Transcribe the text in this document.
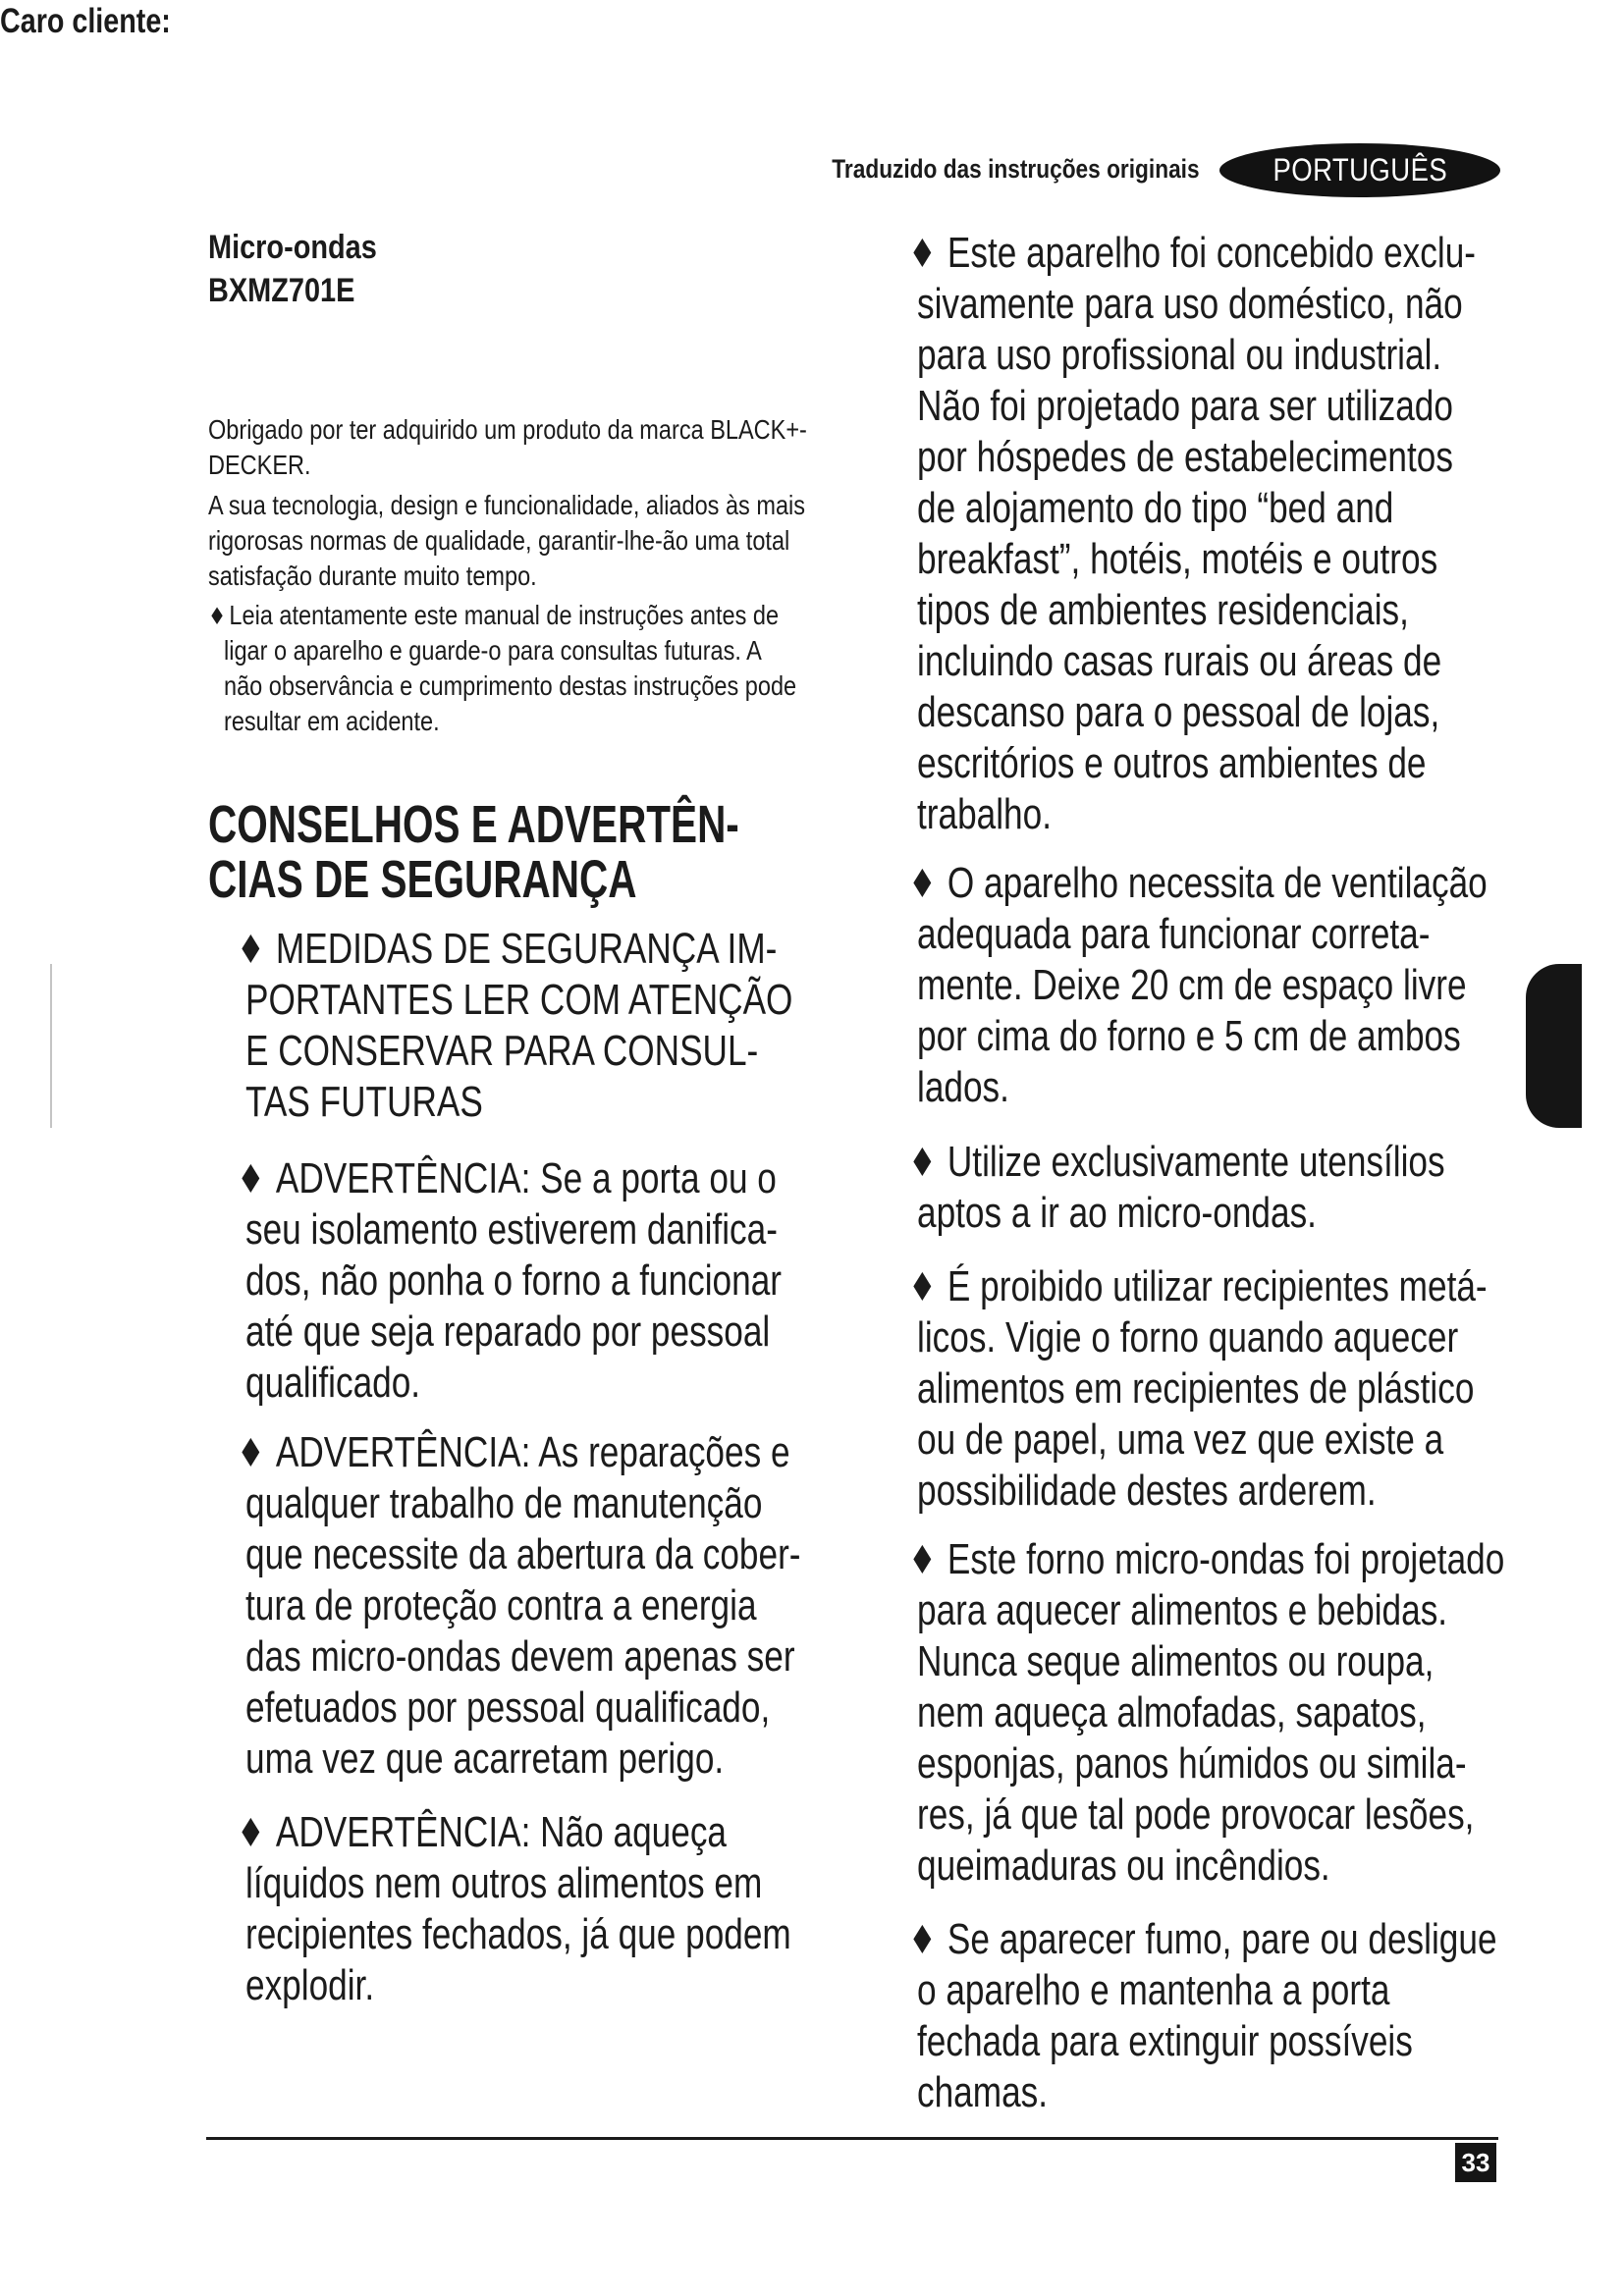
Traduzido das instruções originais PORTUGUÊS
Micro-ondas
BXMZ701E
Caro cliente:
Obrigado por ter adquirido um produto da marca BLACK+-
DECKER.
A sua tecnologia, design e funcionalidade, aliados às mais
rigorosas normas de qualidade, garantir-lhe-ão uma total
satisfação durante muito tempo.
♦ Leia atentamente este manual de instruções antes de
ligar o aparelho e guarde-o para consultas futuras. A
não observância e cumprimento destas instruções pode
resultar em acidente.
CONSELHOS E ADVERTÊN-
CIAS DE SEGURANÇA
♦ MEDIDAS DE SEGURANÇA IM-
PORTANTES LER COM ATENÇÃO
E CONSERVAR PARA CONSUL-
TAS FUTURAS
♦ ADVERTÊNCIA: Se a porta ou o
seu isolamento estiverem danifica-
dos, não ponha o forno a funcionar
até que seja reparado por pessoal
qualificado.
♦ ADVERTÊNCIA: As reparações e
qualquer trabalho de manutenção
que necessite da abertura da cober-
tura de proteção contra a energia
das micro-ondas devem apenas ser
efetuados por pessoal qualificado,
uma vez que acarretam perigo.
♦ ADVERTÊNCIA: Não aqueça
líquidos nem outros alimentos em
recipientes fechados, já que podem
explodir.
♦ Este aparelho foi concebido exclu-
sivamente para uso doméstico, não
para uso profissional ou industrial.
Não foi projetado para ser utilizado
por hóspedes de estabelecimentos
de alojamento do tipo “bed and
breakfast”, hotéis, motéis e outros
tipos de ambientes residenciais,
incluindo casas rurais ou áreas de
descanso para o pessoal de lojas,
escritórios e outros ambientes de
trabalho.
♦ O aparelho necessita de ventilação
adequada para funcionar correta-
mente. Deixe 20 cm de espaço livre
por cima do forno e 5 cm de ambos
lados.
♦ Utilize exclusivamente utensílios
aptos a ir ao micro-ondas.
♦ É proibido utilizar recipientes metá-
licos. Vigie o forno quando aquecer
alimentos em recipientes de plástico
ou de papel, uma vez que existe a
possibilidade destes arderem.
♦ Este forno micro-ondas foi projetado
para aquecer alimentos e bebidas.
Nunca seque alimentos ou roupa,
nem aqueça almofadas, sapatos,
esponjas, panos húmidos ou simila-
res, já que tal pode provocar lesões,
queimaduras ou incêndios.
♦ Se aparecer fumo, pare ou desligue
o aparelho e mantenha a porta
fechada para extinguir possíveis
chamas.
33
